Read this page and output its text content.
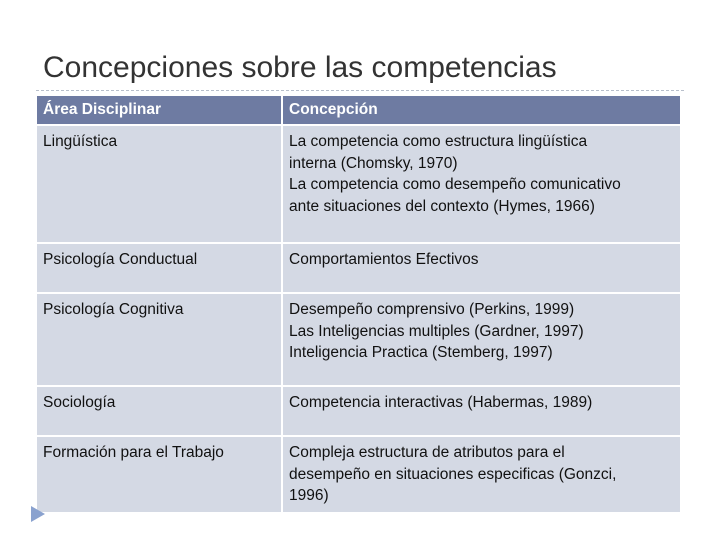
Concepciones sobre las competencias
Área Disciplinar	Concepción
Lingüística	La competencia como estructura lingüística
interna (Chomsky, 1970)
La competencia como desempeño comunicativo
ante situaciones del contexto (Hymes, 1966)

Psicología Conductual	Comportamientos Efectivos

Psicología Cognitiva	Desempeño comprensivo (Perkins, 1999)
Las Inteligencias multiples (Gardner, 1997)
Inteligencia Practica (Stemberg, 1997)

Sociología	Competencia interactivas (Habermas, 1989)

Formación para el Trabajo	Compleja estructura de atributos para el
desempeño en situaciones especificas (Gonzci,
1996)
